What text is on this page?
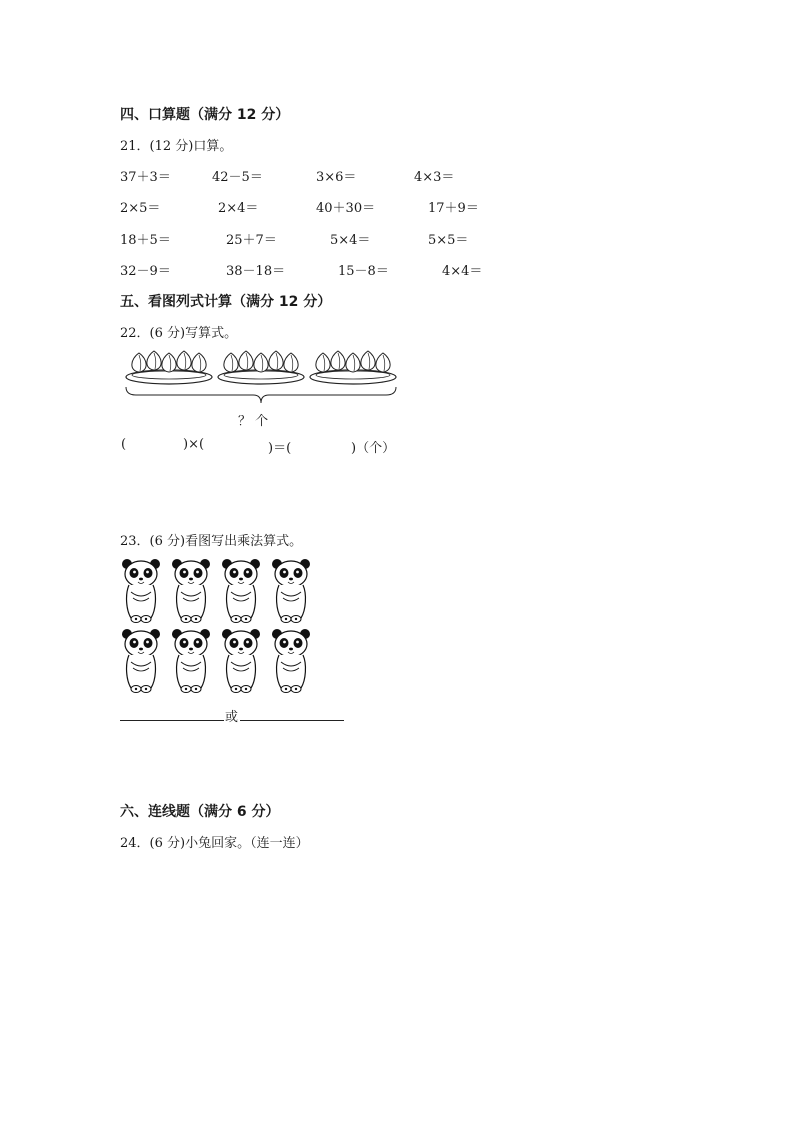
四、口算题（满分 12 分）
21．(12 分)口算。
37＋3＝	42－5＝	3×6＝	4×3＝
2×5＝	2×4＝	40＋30＝	17＋9＝
18＋5＝	25＋7＝	5×4＝	5×5＝
32－9＝	38－18＝	15－8＝	4×4＝
五、看图列式计算（满分 12 分）
22．(6 分)写算式。
？ 个
(	)×(	)＝(	)（个）
23．(6 分)看图写出乘法算式。
或
六、连线题（满分 6 分）
24．(6 分)小兔回家。（连一连）
